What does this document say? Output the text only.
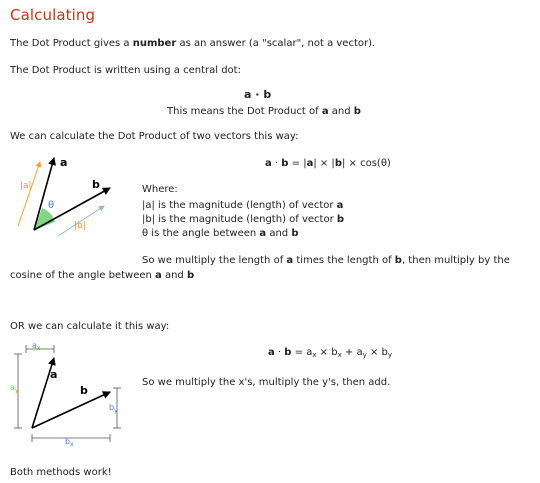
Calculating
The Dot Product gives a number as an answer (a "scalar", not a vector).
The Dot Product is written using a central dot:
a · b
This means the Dot Product of a and b
We can calculate the Dot Product of two vectors this way:
a
b
|a|
|b|
θ
a · b = |a| × |b| × cos(θ)
Where:
|a| is the magnitude (length) of vector a
|b| is the magnitude (length) of vector b
θ is the angle between a and b
So we multiply the length of a times the length of b, then multiply by the
cosine of the angle between a and b
OR we can calculate it this way:
a
b
$a_x$
$a_y$
$b_x$
$b_y$
$a \cdot b = a_x \times b_x + a_y \times b_y$
So we multiply the x's, multiply the y's, then add.
Both methods work!
